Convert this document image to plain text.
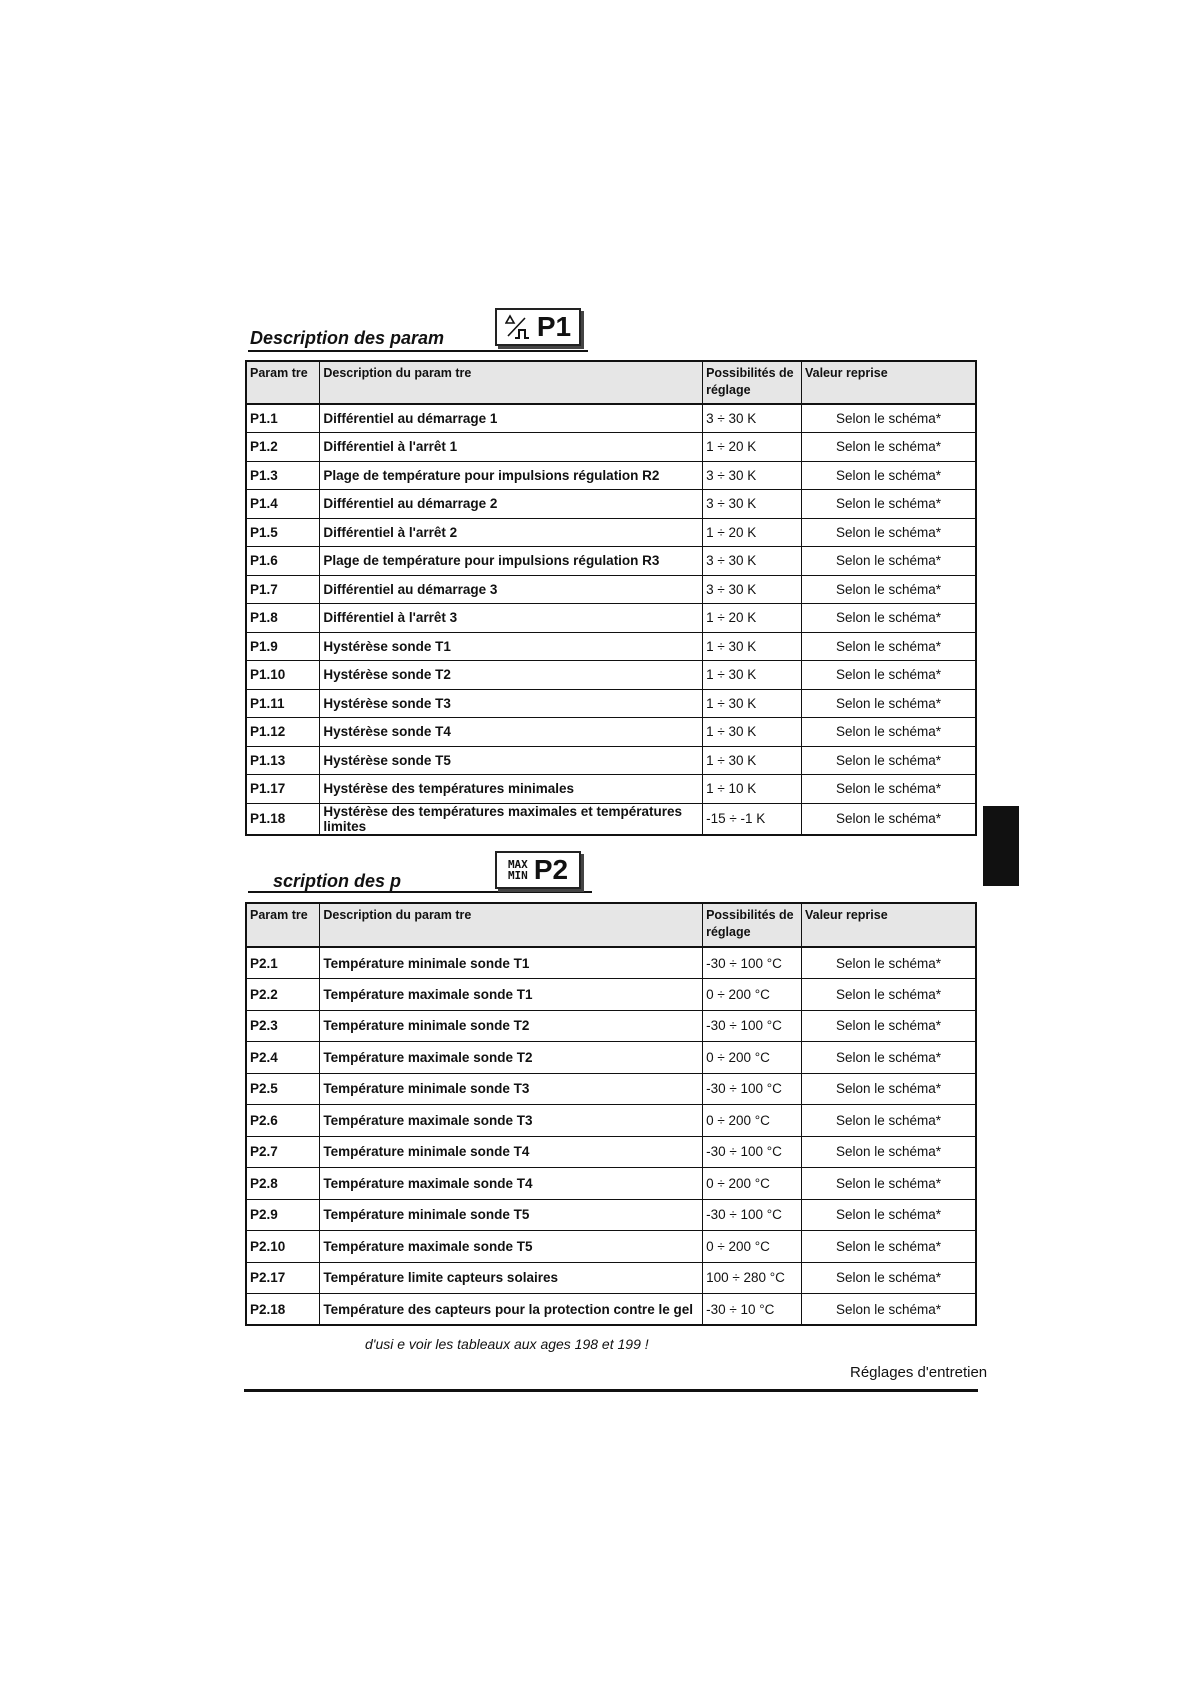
Description des param	P1
Param tre	Description du param tre	Possibilités de réglage	Valeur reprise
P1.1	Différentiel au démarrage 1	3 ÷ 30 K	Selon le schéma*
P1.2	Différentiel à l'arrêt 1	1 ÷ 20 K	Selon le schéma*
P1.3	Plage de température pour impulsions régulation R2	3 ÷ 30 K	Selon le schéma*
P1.4	Différentiel au démarrage 2	3 ÷ 30 K	Selon le schéma*
P1.5	Différentiel à l'arrêt 2	1 ÷ 20 K	Selon le schéma*
P1.6	Plage de température pour impulsions régulation R3	3 ÷ 30 K	Selon le schéma*
P1.7	Différentiel au démarrage 3	3 ÷ 30 K	Selon le schéma*
P1.8	Différentiel à l'arrêt 3	1 ÷ 20 K	Selon le schéma*
P1.9	Hystérèse sonde T1	1 ÷ 30 K	Selon le schéma*
P1.10	Hystérèse sonde T2	1 ÷ 30 K	Selon le schéma*
P1.11	Hystérèse sonde T3	1 ÷ 30 K	Selon le schéma*
P1.12	Hystérèse sonde T4	1 ÷ 30 K	Selon le schéma*
P1.13	Hystérèse sonde T5	1 ÷ 30 K	Selon le schéma*
P1.17	Hystérèse des températures minimales	1 ÷ 10 K	Selon le schéma*
P1.18	Hystérèse des températures maximales et températures limites	-15 ÷ -1 K	Selon le schéma*
scription des p
MAX
MIN P2
Param tre	Description du param tre	Possibilités de réglage	Valeur reprise
P2.1	Température minimale sonde T1	-30 ÷ 100 °C	Selon le schéma*
P2.2	Température maximale sonde T1	0 ÷ 200 °C	Selon le schéma*
P2.3	Température minimale sonde T2	-30 ÷ 100 °C	Selon le schéma*
P2.4	Température maximale sonde T2	0 ÷ 200 °C	Selon le schéma*
P2.5	Température minimale sonde T3	-30 ÷ 100 °C	Selon le schéma*
P2.6	Température maximale sonde T3	0 ÷ 200 °C	Selon le schéma*
P2.7	Température minimale sonde T4	-30 ÷ 100 °C	Selon le schéma*
P2.8	Température maximale sonde T4	0 ÷ 200 °C	Selon le schéma*
P2.9	Température minimale sonde T5	-30 ÷ 100 °C	Selon le schéma*
P2.10	Température maximale sonde T5	0 ÷ 200 °C	Selon le schéma*
P2.17	Température limite capteurs solaires	100 ÷ 280 °C	Selon le schéma*
P2.18	Température des capteurs pour la protection contre le gel	-30 ÷ 10 °C	Selon le schéma*
d'usi e voir les tableaux aux ages 198 et 199 !
Réglages d'entretien
